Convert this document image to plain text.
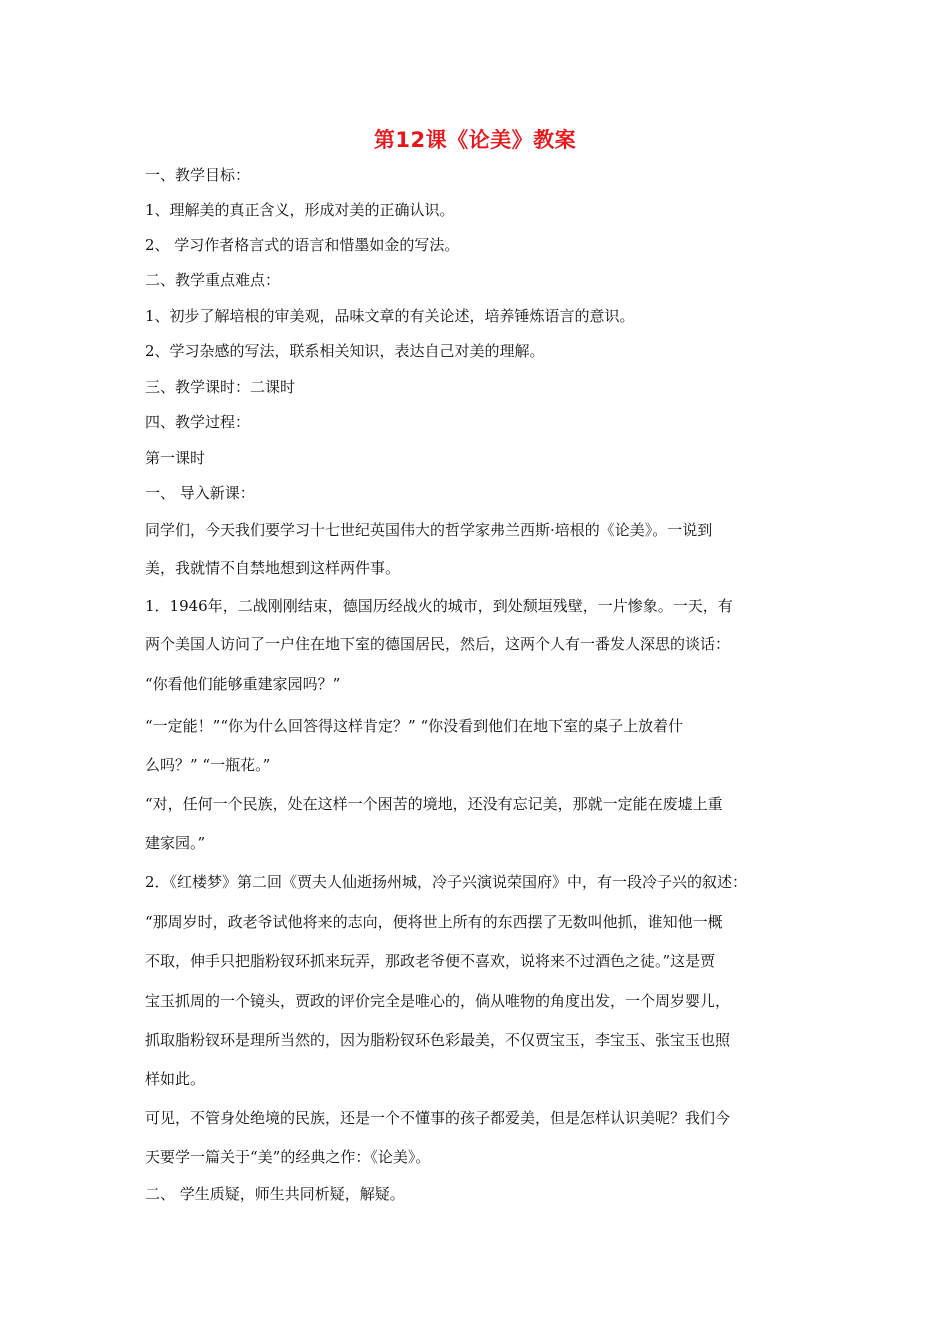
第12课《论美》教案
一、教学目标：
1、理解美的真正含义，形成对美的正确认识。
2、 学习作者格言式的语言和惜墨如金的写法。
二、教学重点难点：
1、初步了解培根的审美观，品味文章的有关论述，培养锤炼语言的意识。
2、学习杂感的写法，联系相关知识，表达自己对美的理解。
三、教学课时：二课时
四、教学过程：
第一课时
一、 导入新课：
同学们，今天我们要学习十七世纪英国伟大的哲学家弗兰西斯·培根的《论美》。一说到
美，我就情不自禁地想到这样两件事。
1．1946年，二战刚刚结束，德国历经战火的城市，到处颓垣残壁，一片惨象。一天，有
两个美国人访问了一户住在地下室的德国居民，然后，这两个人有一番发人深思的谈话：
“你看他们能够重建家园吗？”
“一定能！”“你为什么回答得这样肯定？” “你没看到他们在地下室的桌子上放着什
么吗？” “一瓶花。”
“对，任何一个民族，处在这样一个困苦的境地，还没有忘记美，那就一定能在废墟上重
建家园。”
2．《红楼梦》第二回《贾夫人仙逝扬州城，冷子兴演说荣国府》中，有一段冷子兴的叙述：
“那周岁时，政老爷试他将来的志向，便将世上所有的东西摆了无数叫他抓，谁知他一概
不取，伸手只把脂粉钗环抓来玩弄，那政老爷便不喜欢，说将来不过酒色之徒。”这是贾
宝玉抓周的一个镜头，贾政的评价完全是唯心的，倘从唯物的角度出发，一个周岁婴儿，
抓取脂粉钗环是理所当然的，因为脂粉钗环色彩最美，不仅贾宝玉，李宝玉、张宝玉也照
样如此。
可见，不管身处绝境的民族，还是一个不懂事的孩子都爱美，但是怎样认识美呢？我们今
天要学一篇关于“美”的经典之作：《论美》。
二、 学生质疑，师生共同析疑，解疑。
